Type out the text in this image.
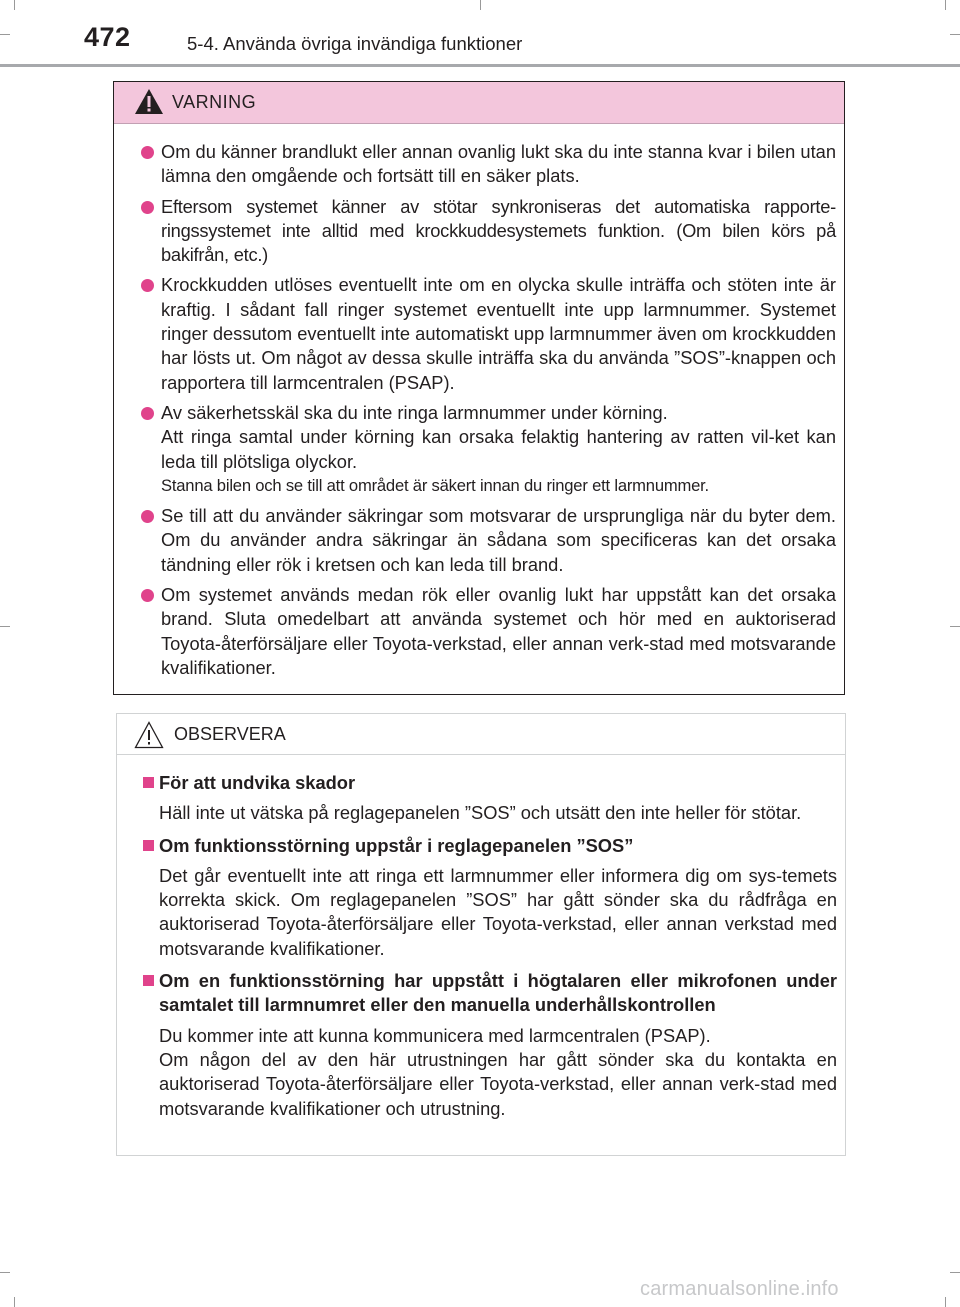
472	5-4. Använda övriga invändiga funktioner
VARNING

Om du känner brandlukt eller annan ovanlig lukt ska du inte stanna kvar i bilen utan lämna den omgående och fortsätt till en säker plats.

Eftersom systemet känner av stötar synkroniseras det automatiska rapporte-ringssystemet inte alltid med krockkuddesystemets funktion. (Om bilen körs på bakifrån, etc.)

Krockkudden utlöses eventuellt inte om en olycka skulle inträffa och stöten inte är kraftig. I sådant fall ringer systemet eventuellt inte upp larmnummer. Systemet ringer dessutom eventuellt inte automatiskt upp larmnummer även om krockkudden har lösts ut. Om något av dessa skulle inträffa ska du använda ”SOS”-knappen och rapportera till larmcentralen (PSAP).

Av säkerhetsskäl ska du inte ringa larmnummer under körning.

Att ringa samtal under körning kan orsaka felaktig hantering av ratten vil-ket kan leda till plötsliga olyckor.

Stanna bilen och se till att området är säkert innan du ringer ett larmnummer.

Se till att du använder säkringar som motsvarar de ursprungliga när du byter dem. Om du använder andra säkringar än sådana som specificeras kan det orsaka tändning eller rök i kretsen och kan leda till brand.

Om systemet används medan rök eller ovanlig lukt har uppstått kan det orsaka brand. Sluta omedelbart att använda systemet och hör med en auktoriserad Toyota-återförsäljare eller Toyota-verkstad, eller annan verk-stad med motsvarande kvalifikationer.

OBSERVERA

För att undvika skador

Häll inte ut vätska på reglagepanelen ”SOS” och utsätt den inte heller för stötar.

Om funktionsstörning uppstår i reglagepanelen ”SOS”

Det går eventuellt inte att ringa ett larmnummer eller informera dig om sys-temets korrekta skick. Om reglagepanelen ”SOS” har gått sönder ska du rådfråga en auktoriserad Toyota-återförsäljare eller Toyota-verkstad, eller annan verkstad med motsvarande kvalifikationer.

Om en funktionsstörning har uppstått i högtalaren eller mikrofonen under samtalet till larmnumret eller den manuella underhållskontrollen

Du kommer inte att kunna kommunicera med larmcentralen (PSAP).

Om någon del av den här utrustningen har gått sönder ska du kontakta en auktoriserad Toyota-återförsäljare eller Toyota-verkstad, eller annan verk-stad med motsvarande kvalifikationer och utrustning.

carmanualsonline.info
